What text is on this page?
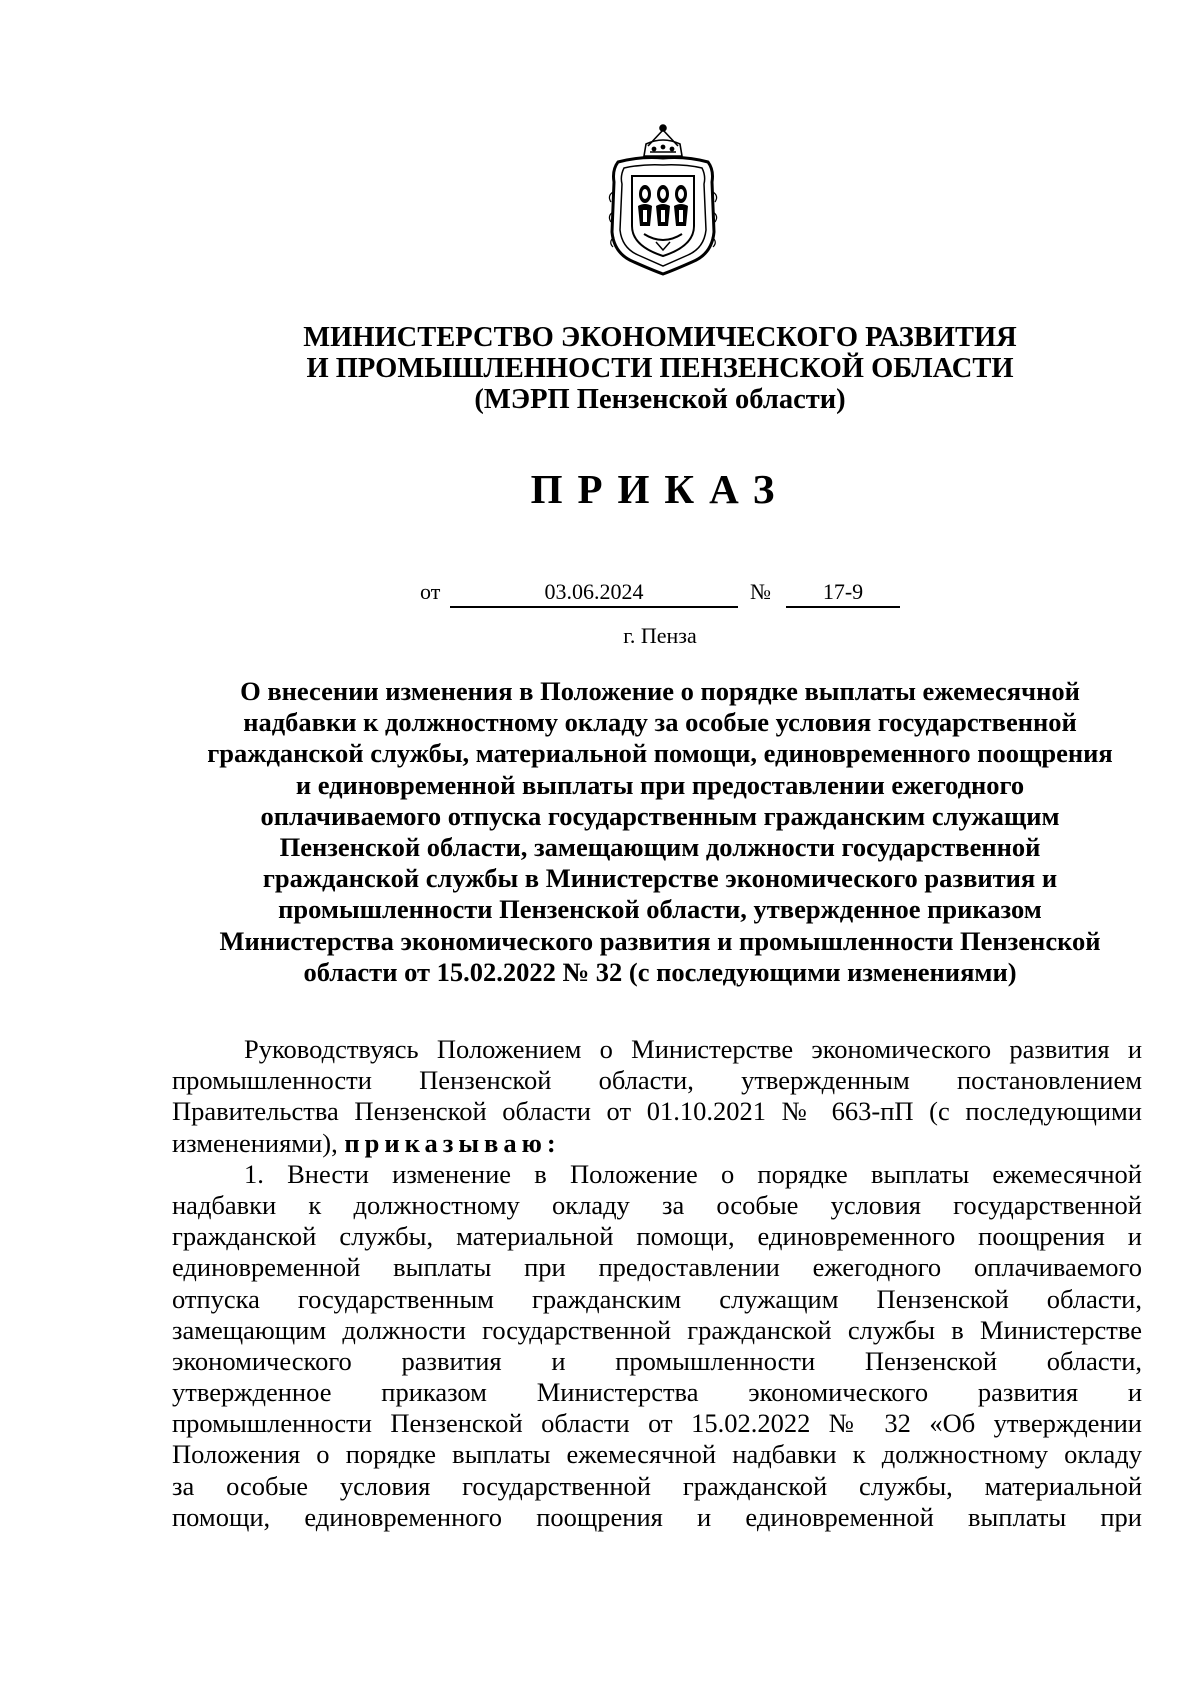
МИНИСТЕРСТВО ЭКОНОМИЧЕСКОГО РАЗВИТИЯ
И ПРОМЫШЛЕННОСТИ ПЕНЗЕНСКОЙ ОБЛАСТИ
(МЭРП Пензенской области)
ПРИКАЗ
от	03.06.2024	№	17-9
г. Пенза
О внесении изменения в Положение о порядке выплаты ежемесячной
надбавки к должностному окладу за особые условия государственной
гражданской службы, материальной помощи, единовременного поощрения
и единовременной выплаты при предоставлении ежегодного
оплачиваемого отпуска государственным гражданским служащим
Пензенской области, замещающим должности государственной
гражданской службы в Министерстве экономического развития и
промышленности Пензенской области, утвержденное приказом
Министерства экономического развития и промышленности Пензенской
области от 15.02.2022 № 32 (с последующими изменениями)
Руководствуясь Положением о Министерстве экономического развития и
промышленности Пензенской области, утвержденным постановлением
Правительства Пензенской области от 01.10.2021 № 663-пП (с последующими
изменениями), приказываю:
1. Внести изменение в Положение о порядке выплаты ежемесячной
надбавки к должностному окладу за особые условия государственной
гражданской службы, материальной помощи, единовременного поощрения и
единовременной выплаты при предоставлении ежегодного оплачиваемого
отпуска государственным гражданским служащим Пензенской области,
замещающим должности государственной гражданской службы в Министерстве
экономического развития и промышленности Пензенской области,
утвержденное приказом Министерства экономического развития и
промышленности Пензенской области от 15.02.2022 № 32 «Об утверждении
Положения о порядке выплаты ежемесячной надбавки к должностному окладу
за особые условия государственной гражданской службы, материальной
помощи, единовременного поощрения и единовременной выплаты при
